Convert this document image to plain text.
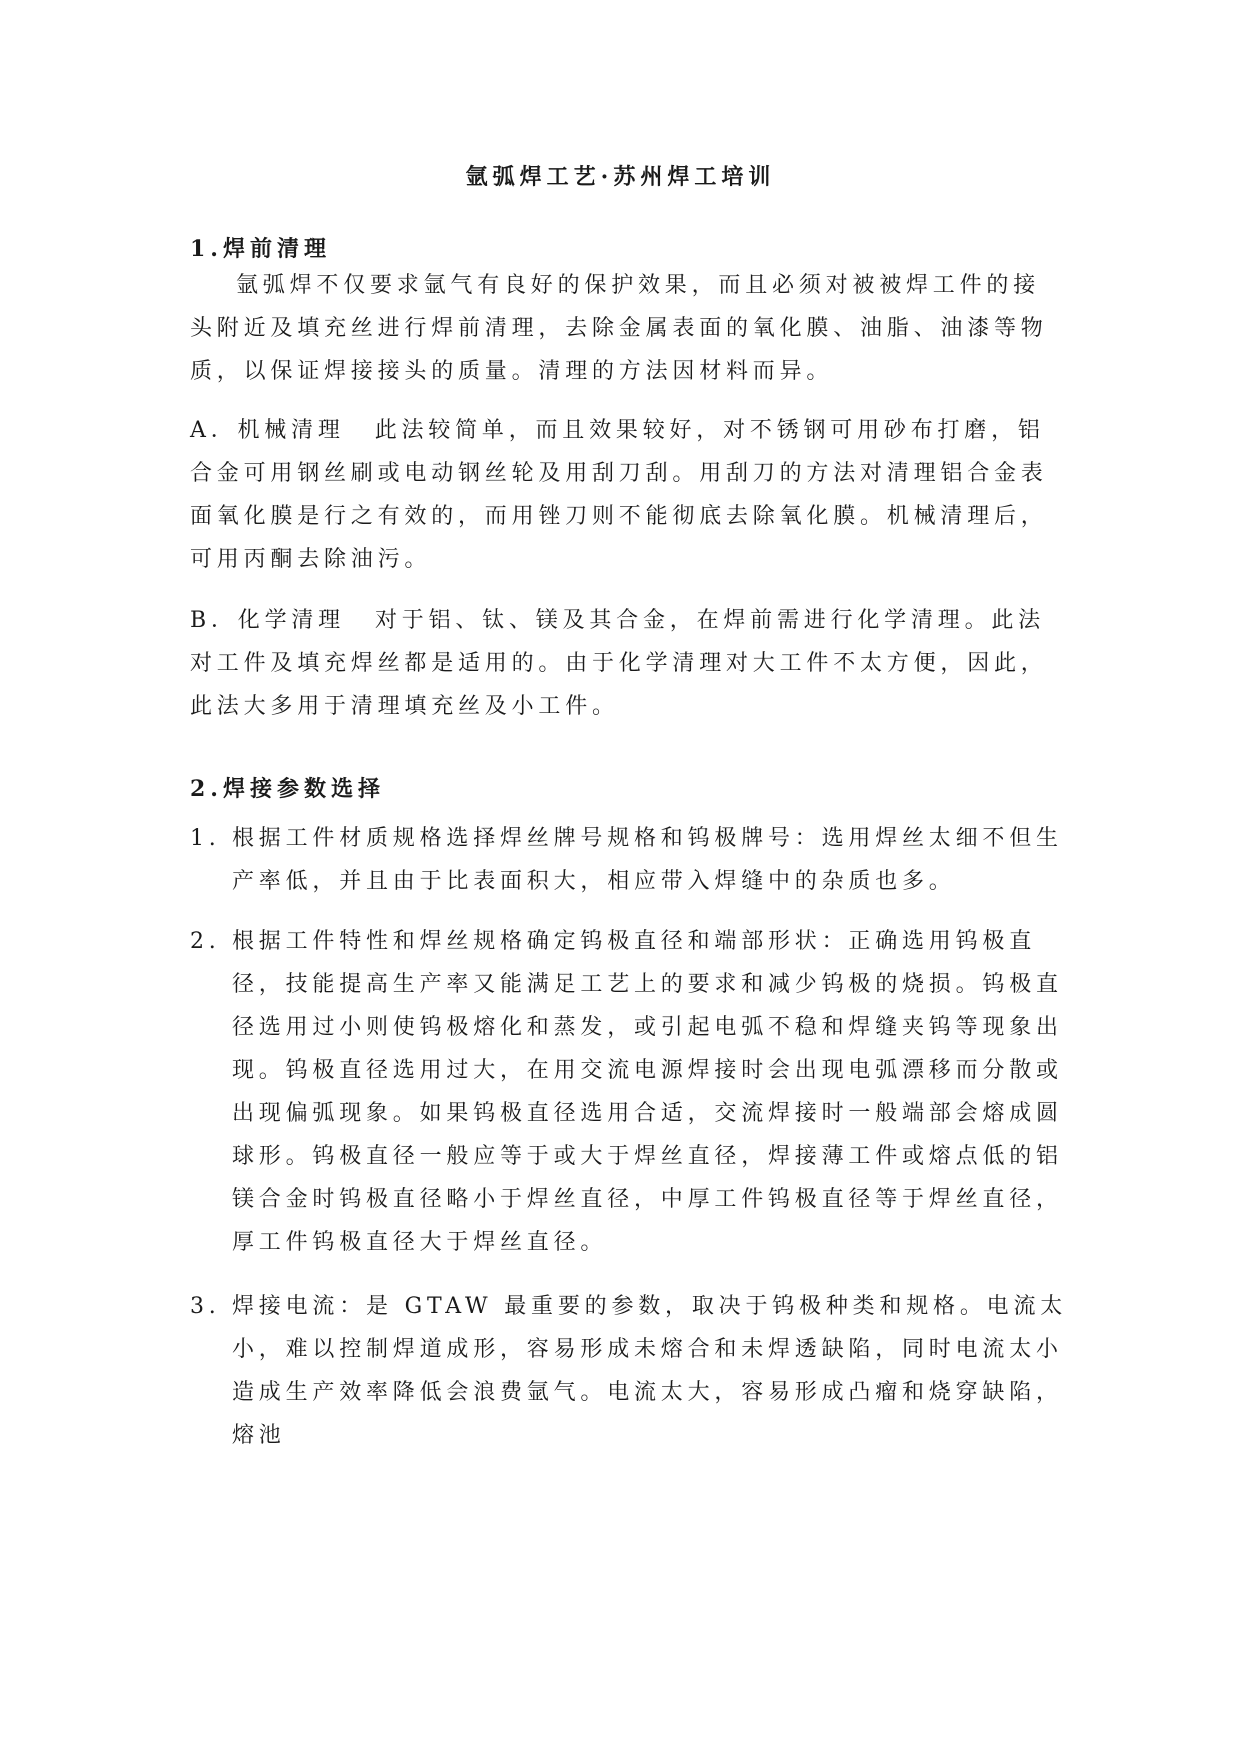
氩弧焊工艺·苏州焊工培训
1.焊前清理

氩弧焊不仅要求氩气有良好的保护效果，而且必须对被被焊工件的接头附近及填充丝进行焊前清理，去除金属表面的氧化膜、油脂、油漆等物质，以保证焊接接头的质量。清理的方法因材料而异。

A．机械清理 此法较简单，而且效果较好，对不锈钢可用砂布打磨，铝合金可用钢丝刷或电动钢丝轮及用刮刀刮。用刮刀的方法对清理铝合金表面氧化膜是行之有效的，而用锉刀则不能彻底去除氧化膜。机械清理后，可用丙酮去除油污。

B．化学清理 对于铝、钛、镁及其合金，在焊前需进行化学清理。此法对工件及填充焊丝都是适用的。由于化学清理对大工件不太方便，因此，此法大多用于清理填充丝及小工件。

2.焊接参数选择
1. 根据工件材质规格选择焊丝牌号规格和钨极牌号：选用焊丝太细不但生产率低，并且由于比表面积大，相应带入焊缝中的杂质也多。
2. 根据工件特性和焊丝规格确定钨极直径和端部形状：正确选用钨极直径，技能提高生产率又能满足工艺上的要求和减少钨极的烧损。钨极直径选用过小则使钨极熔化和蒸发，或引起电弧不稳和焊缝夹钨等现象出现。钨极直径选用过大，在用交流电源焊接时会出现电弧漂移而分散或出现偏弧现象。如果钨极直径选用合适，交流焊接时一般端部会熔成圆球形。钨极直径一般应等于或大于焊丝直径，焊接薄工件或熔点低的铝镁合金时钨极直径略小于焊丝直径，中厚工件钨极直径等于焊丝直径，厚工件钨极直径大于焊丝直径。
3. 焊接电流：是 GTAW 最重要的参数，取决于钨极种类和规格。电流太小，难以控制焊道成形，容易形成未熔合和未焊透缺陷，同时电流太小造成生产效率降低会浪费氩气。电流太大，容易形成凸瘤和烧穿缺陷，熔池
